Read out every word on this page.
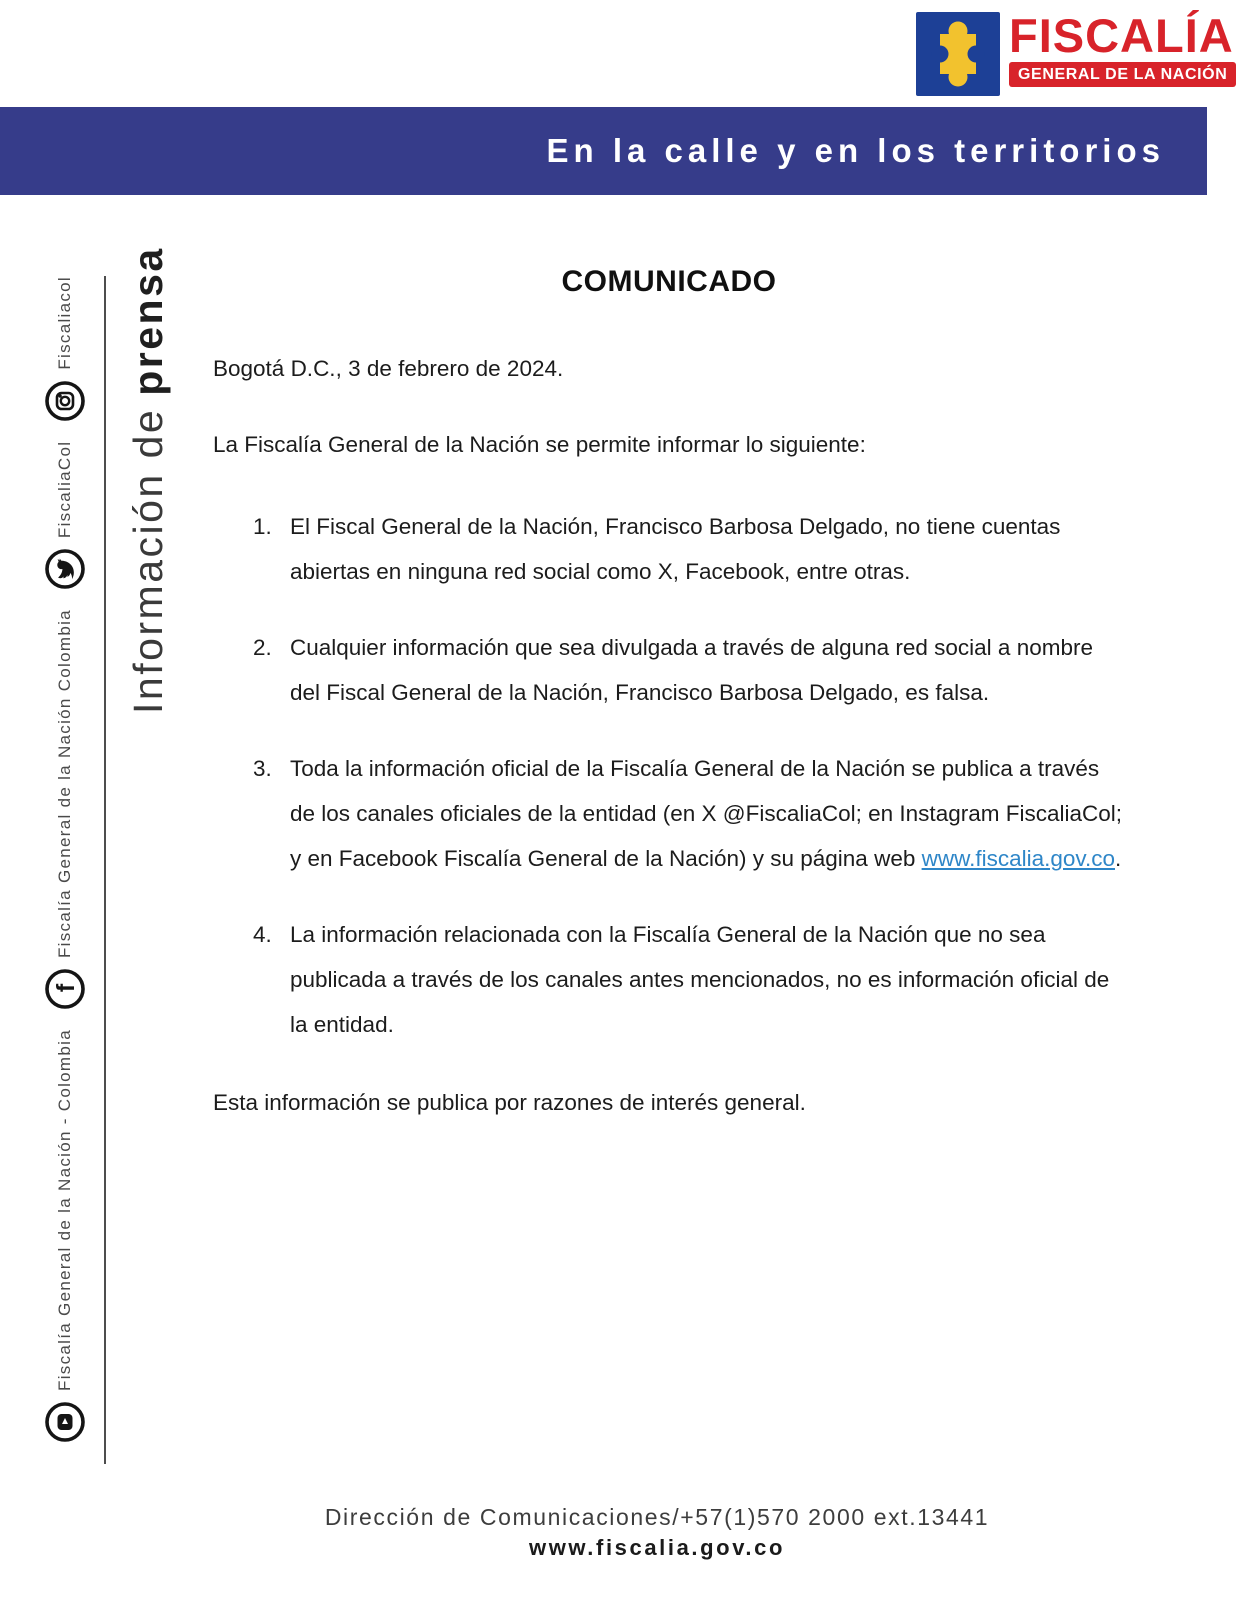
FISCALÍA
GENERAL DE LA NACIÓN
En la calle y en los territorios
Fiscaliacol
FiscaliaCol
f
Fiscalía General de la Nación Colombia
Fiscalía General de la Nación - Colombia
Información de
prensa	COMUNICADO
Bogotá D.C., 3 de febrero de 2024.
La Fiscalía General de la Nación se permite informar lo siguiente:
1. El Fiscal General de la Nación, Francisco Barbosa Delgado, no tiene cuentas abiertas en ninguna red social como X, Facebook, entre otras.
2. Cualquier información que sea divulgada a través de alguna red social a nombre del Fiscal General de la Nación, Francisco Barbosa Delgado, es falsa.
3. Toda la información oficial de la Fiscalía General de la Nación se publica a través de los canales oficiales de la entidad (en X @FiscaliaCol; en Instagram FiscaliaCol; y en Facebook Fiscalía General de la Nación) y su página web www.fiscalia.gov.co.
4. La información relacionada con la Fiscalía General de la Nación que no sea publicada a través de los canales antes mencionados, no es información oficial de la entidad.
Esta información se publica por razones de interés general.
Dirección de Comunicaciones/+57(1)570 2000 ext.13441
www.fiscalia.gov.co
